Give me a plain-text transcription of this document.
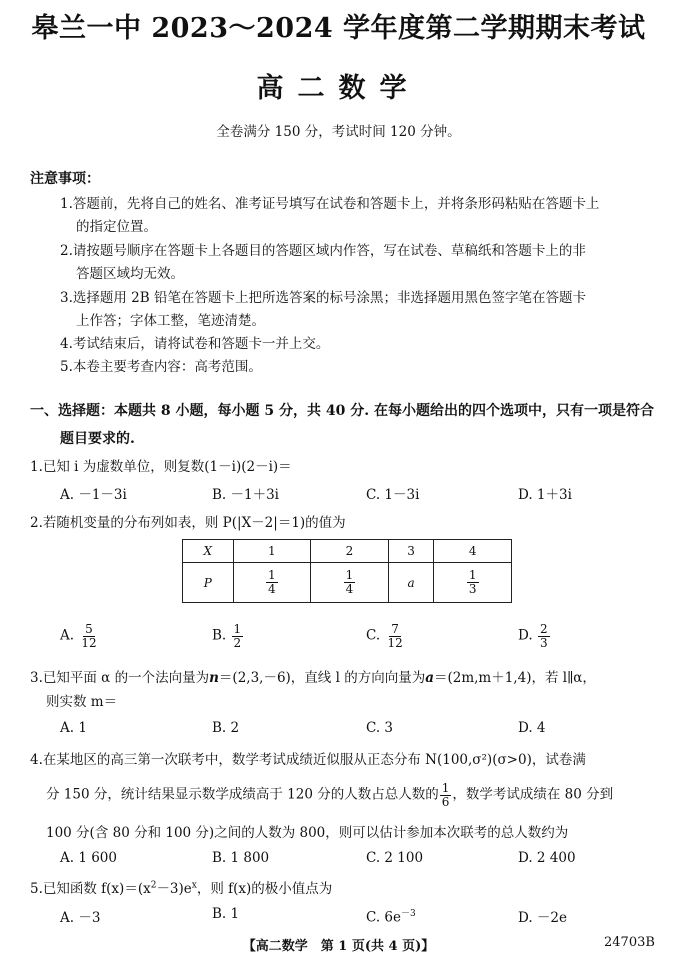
皋兰一中 2023～2024 学年度第二学期期末考试
高二数学
全卷满分 150 分，考试时间 120 分钟。
注意事项：
1.答题前，先将自己的姓名、准考证号填写在试卷和答题卡上，并将条形码粘贴在答题卡上
的指定位置。
2.请按题号顺序在答题卡上各题目的答题区域内作答，写在试卷、草稿纸和答题卡上的非
答题区域均无效。
3.选择题用 2B 铅笔在答题卡上把所选答案的标号涂黑；非选择题用黑色签字笔在答题卡
上作答；字体工整，笔迹清楚。
4.考试结束后，请将试卷和答题卡一并上交。
5.本卷主要考查内容：高考范围。
一、选择题：本题共 8 小题，每小题 5 分，共 40 分. 在每小题给出的四个选项中，只有一项是符合
题目要求的.
1.已知 i 为虚数单位，则复数(1－i)(2－i)＝
A. －1－3i	B. －1＋3i	C. 1－3i	D. 1＋3i
2.若随机变量的分布列如表，则 P(|X－2|＝1)的值为
X	1	2	3	4
P	$\frac{1}{4}$	$\frac{1}{4}$	a	$\frac{1}{3}$
A. $\frac{5}{12}$	B. $\frac{1}{2}$	C. $\frac{7}{12}$	D. $\frac{2}{3}$
3.已知平面 α 的一个法向量为n＝(2,3,－6)，直线 l 的方向向量为a＝(2m,m＋1,4)，若 l∥α，
则实数 m＝
A. 1	B. 2	C. 3	D. 4
4.在某地区的高三第一次联考中，数学考试成绩近似服从正态分布 N(100,σ²)(σ>0)，试卷满
分 150 分，统计结果显示数学成绩高于 120 分的人数占总人数的 $\frac{1}{6}$ ，数学考试成绩在 80 分到
100 分(含 80 分和 100 分)之间的人数为 800，则可以估计参加本次联考的总人数约为
A. 1 600	B. 1 800	C. 2 100	D. 2 400
5.已知函数 $f(x)=(x^2-3)e^x$，则 f(x)的极小值点为
A. －3	B. 1	C. $6e^{-3}$	D. －2e
【高二数学　第 1 页(共 4 页)】	24703B
